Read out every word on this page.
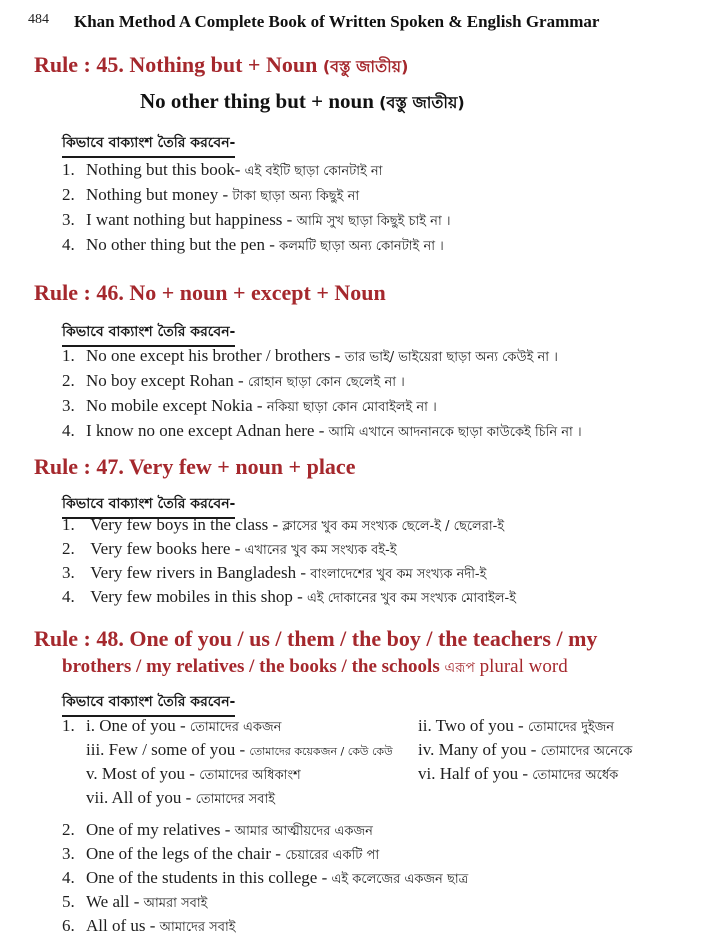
484 Khan Method A Complete Book of Written Spoken & English Grammar
Rule : 45. Nothing but + Noun (বস্তু জাতীয়)
No other thing but + noun (বস্তু জাতীয়)
কিভাবে বাক্যাংশ তৈরি করবেন-
1. Nothing but this book- এই বইটি ছাড়া কোনটাই না
2. Nothing but money - টাকা ছাড়া অন্য কিছুই না
3. I want nothing but happiness - আমি সুখ ছাড়া কিছুই চাই না ।
4. No other thing but the pen - কলমটি ছাড়া অন্য কোনটাই না ।
Rule : 46. No + noun + except + Noun
কিভাবে বাক্যাংশ তৈরি করবেন-
1. No one except his brother / brothers - তার ভাই/ ভাইয়েরা ছাড়া অন্য কেউই না ।
2. No boy except Rohan - রোহান ছাড়া কোন ছেলেই না ।
3. No mobile except Nokia - নকিয়া ছাড়া কোন মোবাইলই না ।
4. I know no one except Adnan here - আমি এখানে আদনানকে ছাড়া কাউকেই চিনি না ।
Rule : 47. Very few + noun + place
কিভাবে বাক্যাংশ তৈরি করবেন-
1. Very few boys in the class - ক্লাসের খুব কম সংখ্যক ছেলে-ই / ছেলেরা-ই
2. Very few books here - এখানের খুব কম সংখ্যক বই-ই
3. Very few rivers in Bangladesh - বাংলাদেশের খুব কম সংখ্যক নদী-ই
4. Very few mobiles in this shop - এই দোকানের খুব কম সংখ্যক মোবাইল-ই
Rule : 48. One of you / us / them / the boy / the teachers / my
brothers / my relatives / the books / the schools এরূপ plural word
কিভাবে বাক্যাংশ তৈরি করবেন-
1. i. One of you - তোমাদের একজন	ii. Two of you - তোমাদের দুইজন
iii. Few / some of you - তোমাদের কয়েকজন / কেউ কেউ iv. Many of you - তোমাদের অনেকে
v. Most of you - তোমাদের অধিকাংশ	vi. Half of you - তোমাদের অর্ধেক
vii. All of you - তোমাদের সবাই
2. One of my relatives - আমার আত্মীয়দের একজন
3. One of the legs of the chair - চেয়ারের একটি পা
4. One of the students in this college - এই কলেজের একজন ছাত্র
5. We all - আমরা সবাই
6. All of us - আমাদের সবাই
